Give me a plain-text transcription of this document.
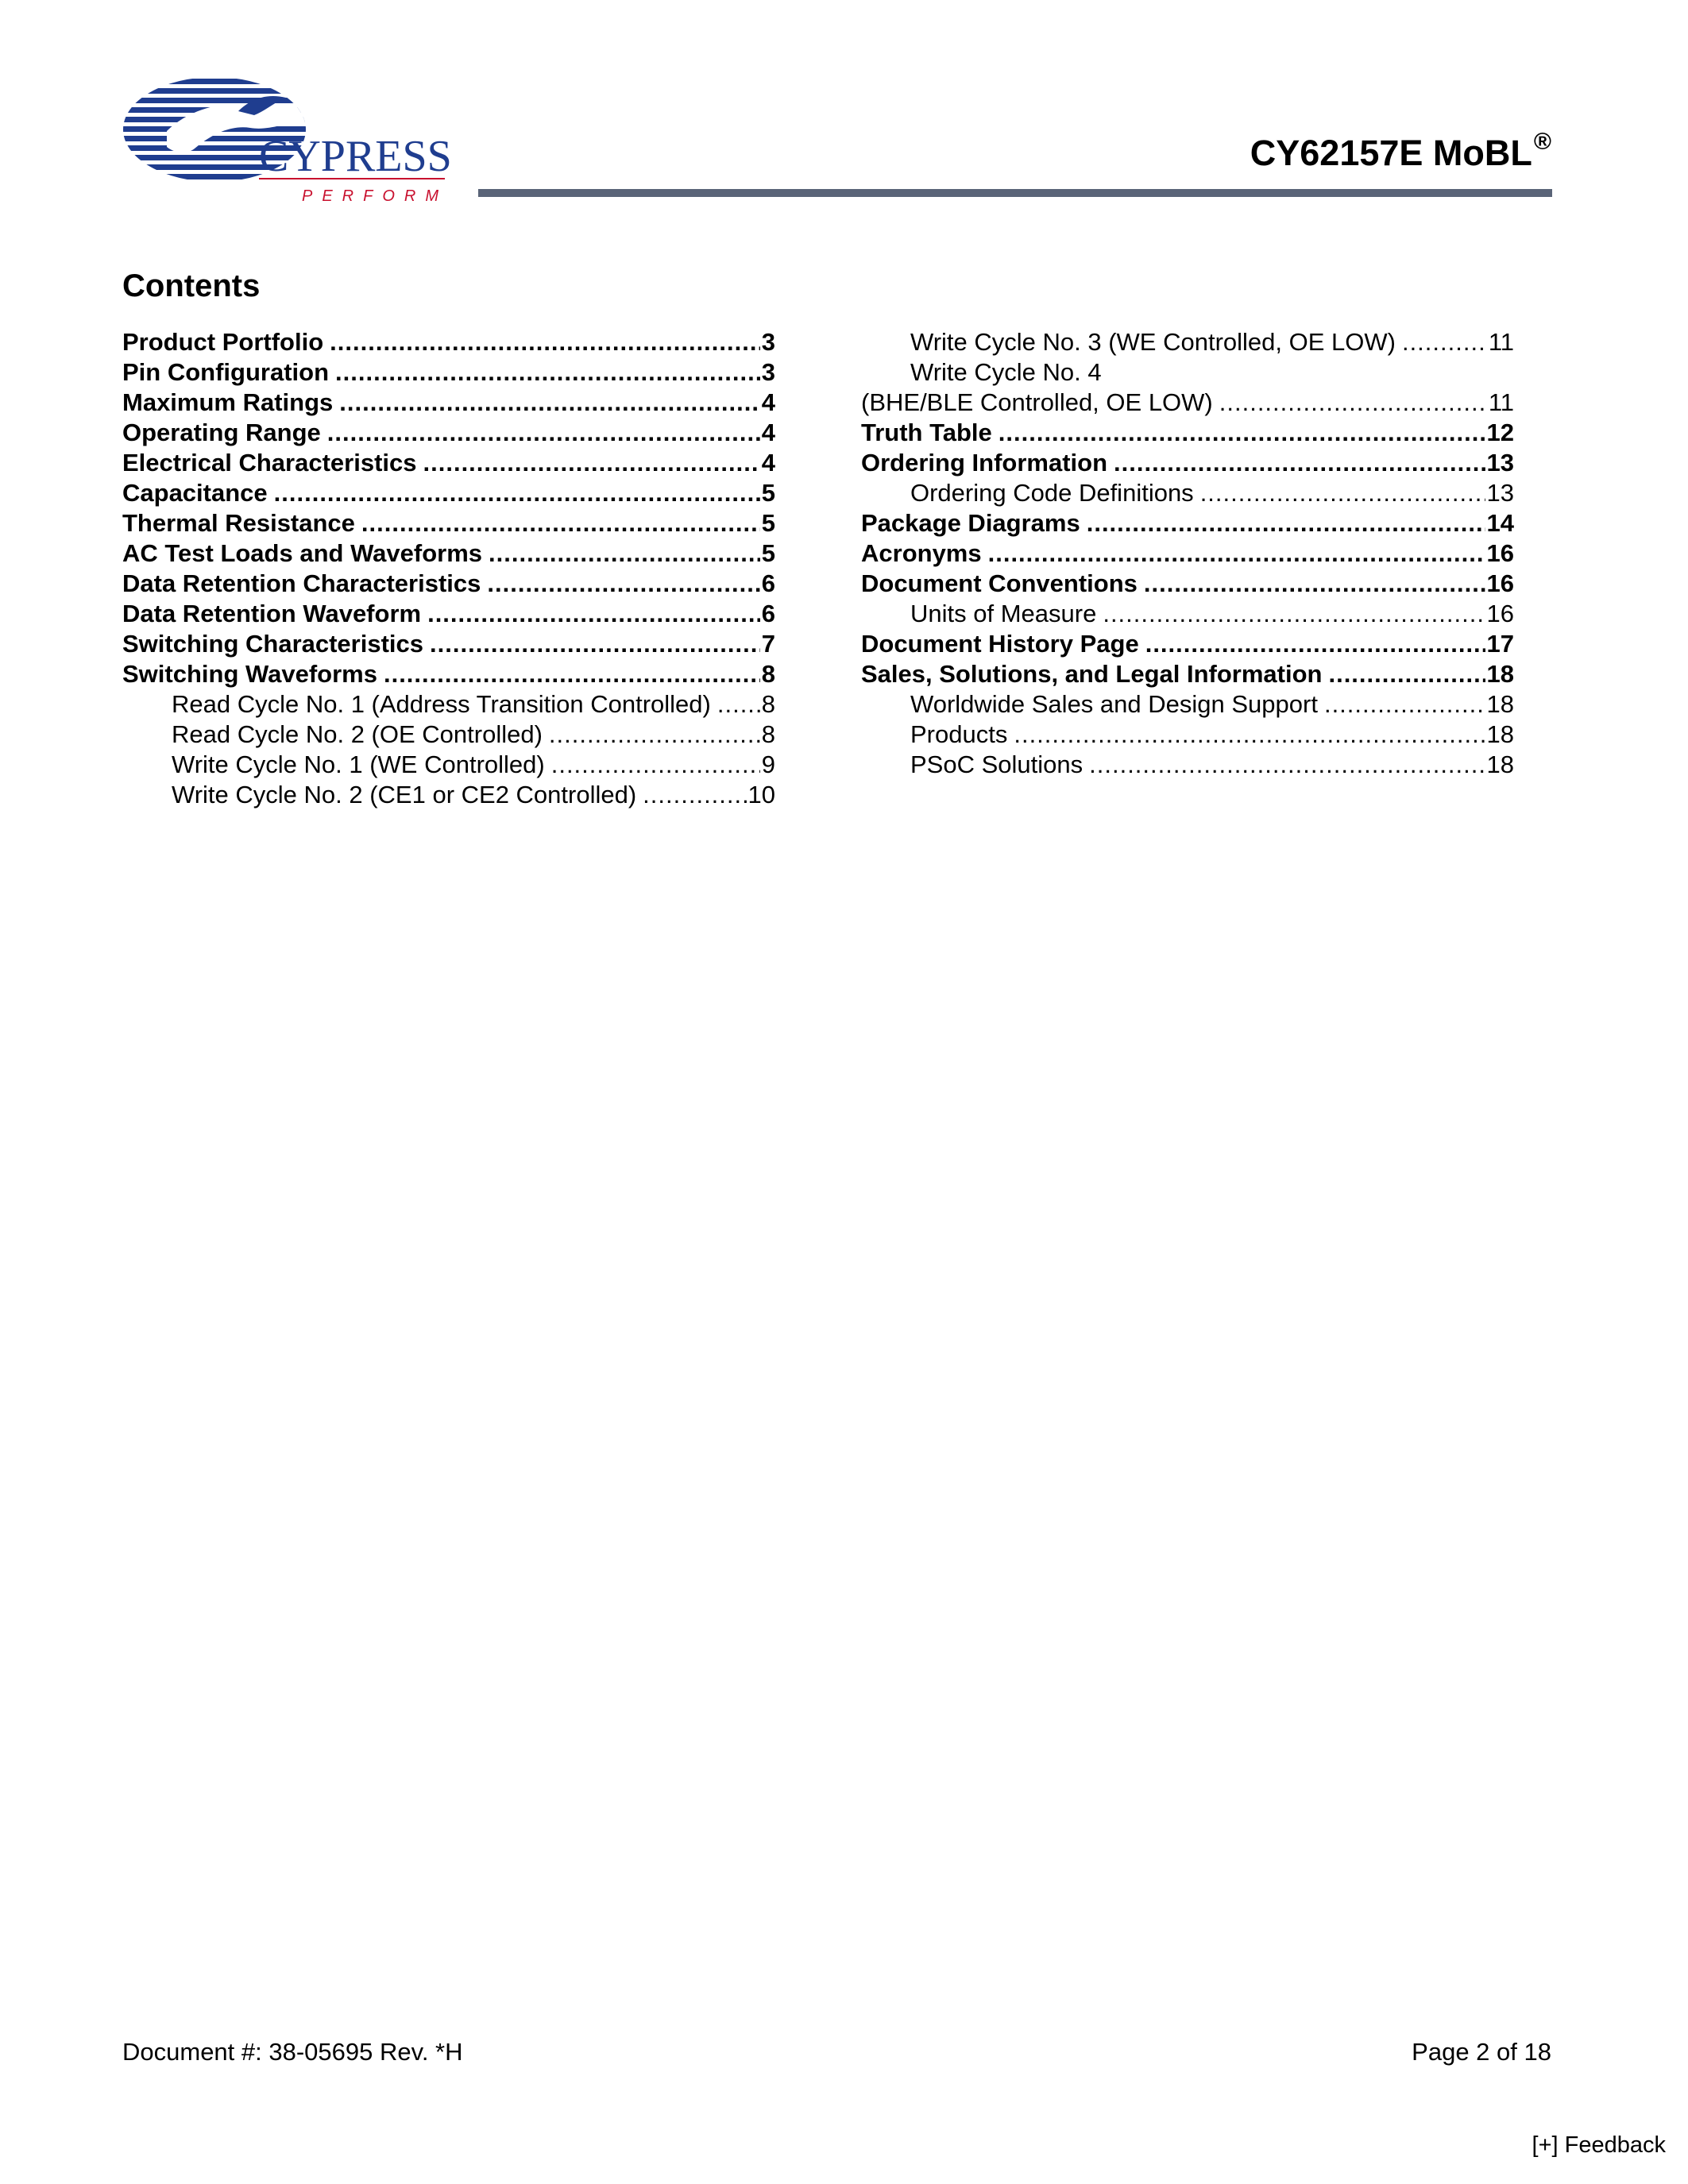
CYPRESS
PERFORM
CY62157E MoBL®
Contents
Product Portfolio .....	3
Pin Configuration .....	3
Maximum Ratings .....	4
Operating Range .....	4
Electrical Characteristics .....	4
Capacitance .....	5
Thermal Resistance .....	5
AC Test Loads and Waveforms .....	5
Data Retention Characteristics .....	6
Data Retention Waveform .....	6
Switching Characteristics .....	7
Switching Waveforms .....	8
Read Cycle No. 1 (Address Transition Controlled) ..... 8
Read Cycle No. 2 (OE Controlled) .....	8
Write Cycle No. 1 (WE Controlled) .....	9
Write Cycle No. 2 (CE1 or CE2 Controlled) .....	10
Write Cycle No. 3 (WE Controlled, OE LOW) .....	11
Write Cycle No. 4
(BHE/BLE Controlled, OE LOW) .....	11
Truth Table .....	12
Ordering Information .....	13
Ordering Code Definitions .....	13
Package Diagrams .....	14
Acronyms .....	16
Document Conventions .....	16
Units of Measure .....	16
Document History Page .....	17
Sales, Solutions, and Legal Information .....	18
Worldwide Sales and Design Support .....	18
Products .....	18
PSoC Solutions .....	18
Document #: 38-05695 Rev. *H	Page 2 of 18
[+] Feedback
